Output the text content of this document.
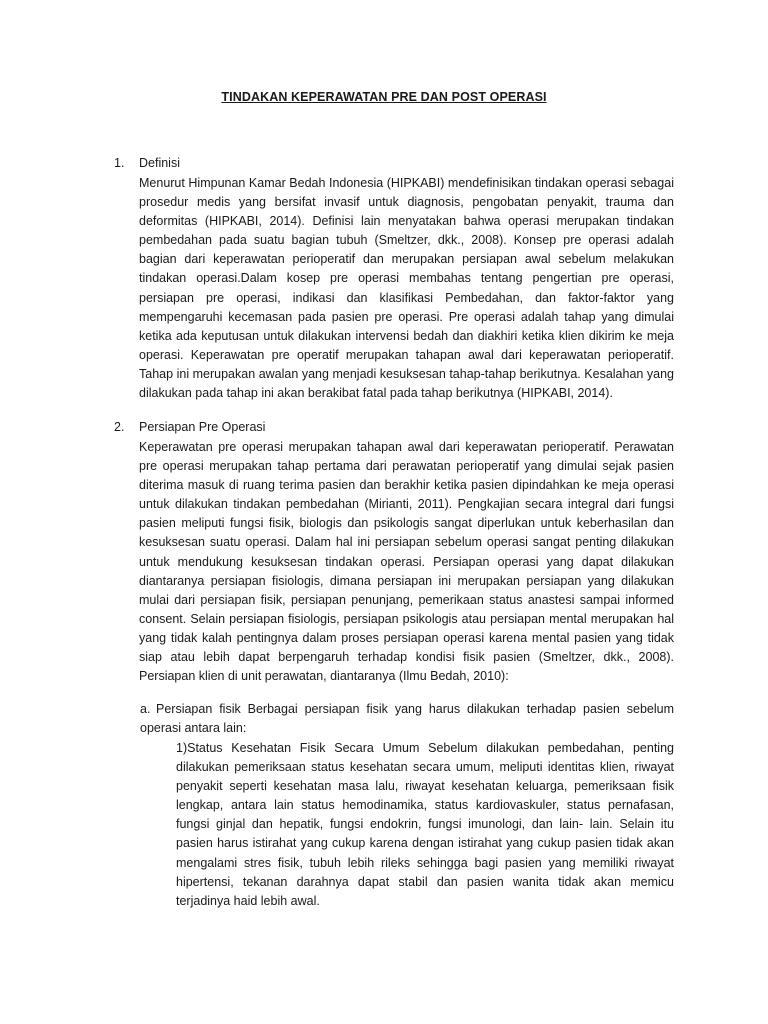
TINDAKAN KEPERAWATAN PRE DAN POST OPERASI
1. Definisi
Menurut Himpunan Kamar Bedah Indonesia (HIPKABI) mendefinisikan tindakan operasi sebagai prosedur medis yang bersifat invasif untuk diagnosis, pengobatan penyakit, trauma dan deformitas (HIPKABI, 2014). Definisi lain menyatakan bahwa operasi merupakan tindakan pembedahan pada suatu bagian tubuh (Smeltzer, dkk., 2008). Konsep pre operasi adalah bagian dari keperawatan perioperatif dan merupakan persiapan awal sebelum melakukan tindakan operasi.Dalam kosep pre operasi membahas tentang pengertian pre operasi, persiapan pre operasi, indikasi dan klasifikasi Pembedahan, dan faktor-faktor yang mempengaruhi kecemasan pada pasien pre operasi. Pre operasi adalah tahap yang dimulai ketika ada keputusan untuk dilakukan intervensi bedah dan diakhiri ketika klien dikirim ke meja operasi. Keperawatan pre operatif merupakan tahapan awal dari keperawatan perioperatif. Tahap ini merupakan awalan yang menjadi kesuksesan tahap-tahap berikutnya. Kesalahan yang dilakukan pada tahap ini akan berakibat fatal pada tahap berikutnya (HIPKABI, 2014).
2. Persiapan Pre Operasi
Keperawatan pre operasi merupakan tahapan awal dari keperawatan perioperatif. Perawatan pre operasi merupakan tahap pertama dari perawatan perioperatif yang dimulai sejak pasien diterima masuk di ruang terima pasien dan berakhir ketika pasien dipindahkan ke meja operasi untuk dilakukan tindakan pembedahan (Mirianti, 2011). Pengkajian secara integral dari fungsi pasien meliputi fungsi fisik, biologis dan psikologis sangat diperlukan untuk keberhasilan dan kesuksesan suatu operasi. Dalam hal ini persiapan sebelum operasi sangat penting dilakukan untuk mendukung kesuksesan tindakan operasi. Persiapan operasi yang dapat dilakukan diantaranya persiapan fisiologis, dimana persiapan ini merupakan persiapan yang dilakukan mulai dari persiapan fisik, persiapan penunjang, pemerikaan status anastesi sampai informed consent. Selain persiapan fisiologis, persiapan psikologis atau persiapan mental merupakan hal yang tidak kalah pentingnya dalam proses persiapan operasi karena mental pasien yang tidak siap atau lebih dapat berpengaruh terhadap kondisi fisik pasien (Smeltzer, dkk., 2008). Persiapan klien di unit perawatan, diantaranya (Ilmu Bedah, 2010):
a. Persiapan fisik Berbagai persiapan fisik yang harus dilakukan terhadap pasien sebelum operasi antara lain:
1)Status Kesehatan Fisik Secara Umum Sebelum dilakukan pembedahan, penting dilakukan pemeriksaan status kesehatan secara umum, meliputi identitas klien, riwayat penyakit seperti kesehatan masa lalu, riwayat kesehatan keluarga, pemeriksaan fisik lengkap, antara lain status hemodinamika, status kardiovaskuler, status pernafasan, fungsi ginjal dan hepatik, fungsi endokrin, fungsi imunologi, dan lain- lain. Selain itu pasien harus istirahat yang cukup karena dengan istirahat yang cukup pasien tidak akan mengalami stres fisik, tubuh lebih rileks sehingga bagi pasien yang memiliki riwayat hipertensi, tekanan darahnya dapat stabil dan pasien wanita tidak akan memicu terjadinya haid lebih awal.
